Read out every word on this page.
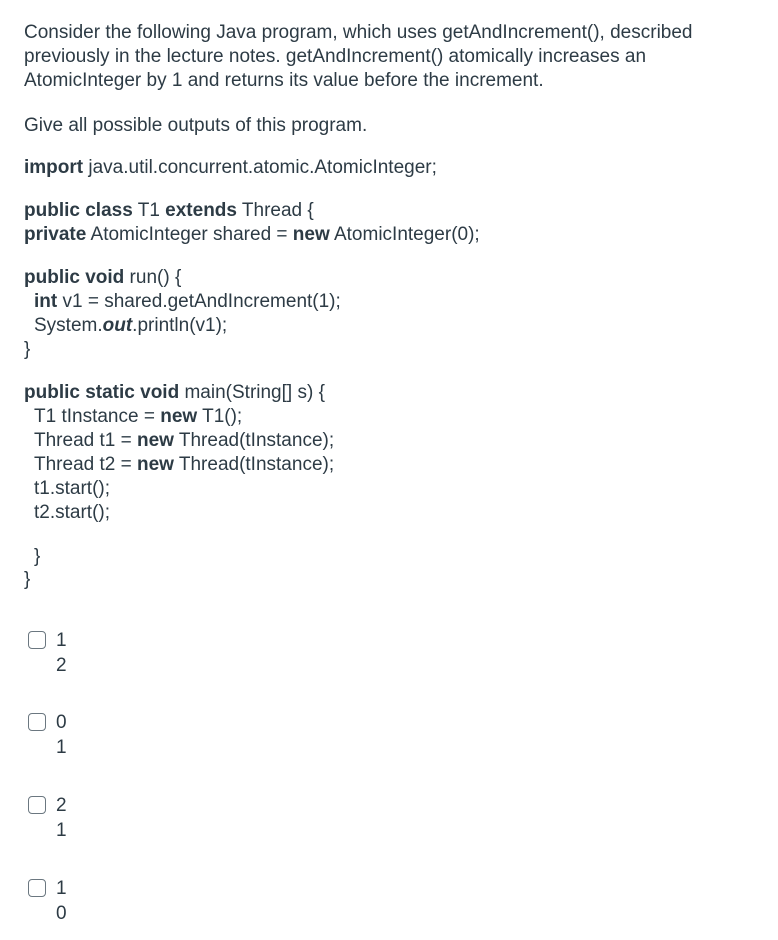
Consider the following Java program, which uses getAndIncrement(), described
previously in the lecture notes. getAndIncrement() atomically increases an
AtomicInteger by 1 and returns its value before the increment.
Give all possible outputs of this program.
import java.util.concurrent.atomic.AtomicInteger;
public class T1 extends Thread {
private AtomicInteger shared = new AtomicInteger(0);
public void run() {
int v1 = shared.getAndIncrement(1);
System.out.println(v1);
}
public static void main(String[] s) {
T1 tInstance = new T1();
Thread t1 = new Thread(tInstance);
Thread t2 = new Thread(tInstance);
t1.start();
t2.start();
}
}
1
2
0
1
2
1
1
0
